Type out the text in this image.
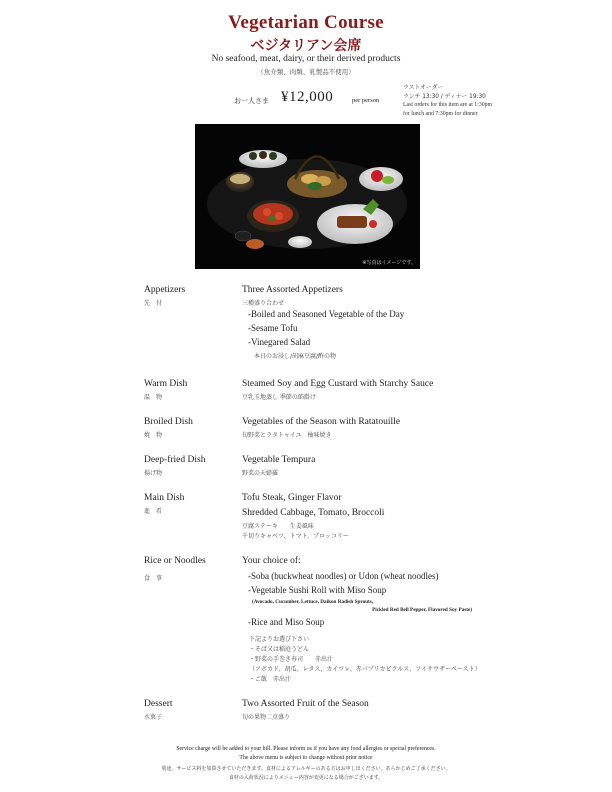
Vegetarian Course
ベジタリアン会席
No seafood, meat, dairy, or their derived products
（魚介類、肉類、乳製品不使用）
お一人さま ¥12,000	per person
ラストオーダー
ランチ 13:30 / ディナー 19:30
Last orders for this item are at 1:30pm
for lunch and 7:30pm for dinner
※写真はイメージです。
Appetizers
先　付
Three Assorted Appetizers
三種盛り合わせ
-Boiled and Seasoned Vegetable of the Day
-Sesame Tofu
-Vinegared Salad
本日のお浸し/胡麻豆腐/酢の物
Warm Dish
温　物
Steamed Soy and Egg Custard with Starchy Sauce
豆乳玉地蒸し 季節の餡掛け
Broiled Dish
焼　物
Vegetables of the Season with Ratatouille
旬野菜とラタトゥイユ　柚味焼き
Deep-fried Dish
揚げ物
Vegetable Tempura
野菜の天婦羅
Main Dish
進　肴
Tofu Steak, Ginger Flavor
Shredded Cabbage, Tomato, Broccoli
豆腐ステーキ　　生姜風味
千切りキャベツ、トマト、ブロッコリー
Rice or Noodles
食　事
Your choice of:
-Soba (buckwheat noodles) or Udon (wheat noodles)
-Vegetable Sushi Roll with Miso Soup
(Avocado, Cucumber, Lettuce, Daikon Radish Sprouts,
Pickled Red Bell Pepper, Flavored Soy Paste)
-Rice and Miso Soup
下記よりお選び下さい
・そば又は稲庭うどん
・野菜の手巻き寿司　　赤出汁
（アボカド、胡瓜、レタス、カイワレ、赤パプリカピクルス、ソイサウザーペースト）
・ご飯　赤出汁
Dessert
水菓子
Two Assorted Fruit of the Season
旬の果物二点盛り
Service charge will be added to your bill. Please inform us if you have any food allergies or special preferences.
The above menu is subject to change without prior notice
別途、サービス料を加算させていただきます。食材によるアレルギーのある方はお申し出ください。あらかじめご了承ください。
食材の入荷状況によりメニュー内容が変更になる場合がございます。
